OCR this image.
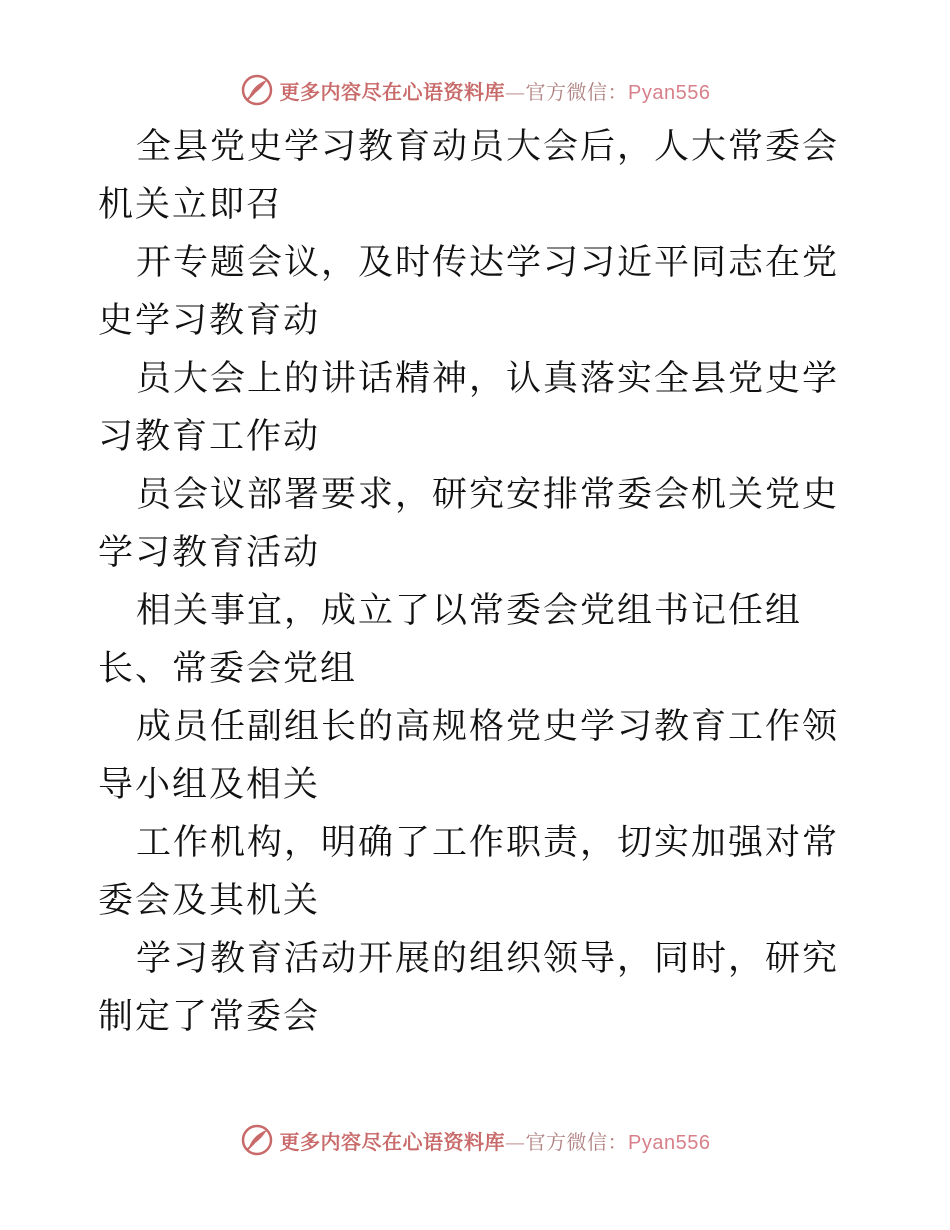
更多内容尽在心语资料库—官方微信：Pyan556

全县党史学习教育动员大会后，人大常委会机关立即召

开专题会议，及时传达学习习近平同志在党史学习教育动

员大会上的讲话精神，认真落实全县党史学习教育工作动

员会议部署要求，研究安排常委会机关党史学习教育活动

相关事宜，成立了以常委会党组书记任组长、常委会党组

成员任副组长的高规格党史学习教育工作领导小组及相关

工作机构，明确了工作职责，切实加强对常委会及其机关

学习教育活动开展的组织领导，同时，研究制定了常委会

更多内容尽在心语资料库—官方微信：Pyan556
